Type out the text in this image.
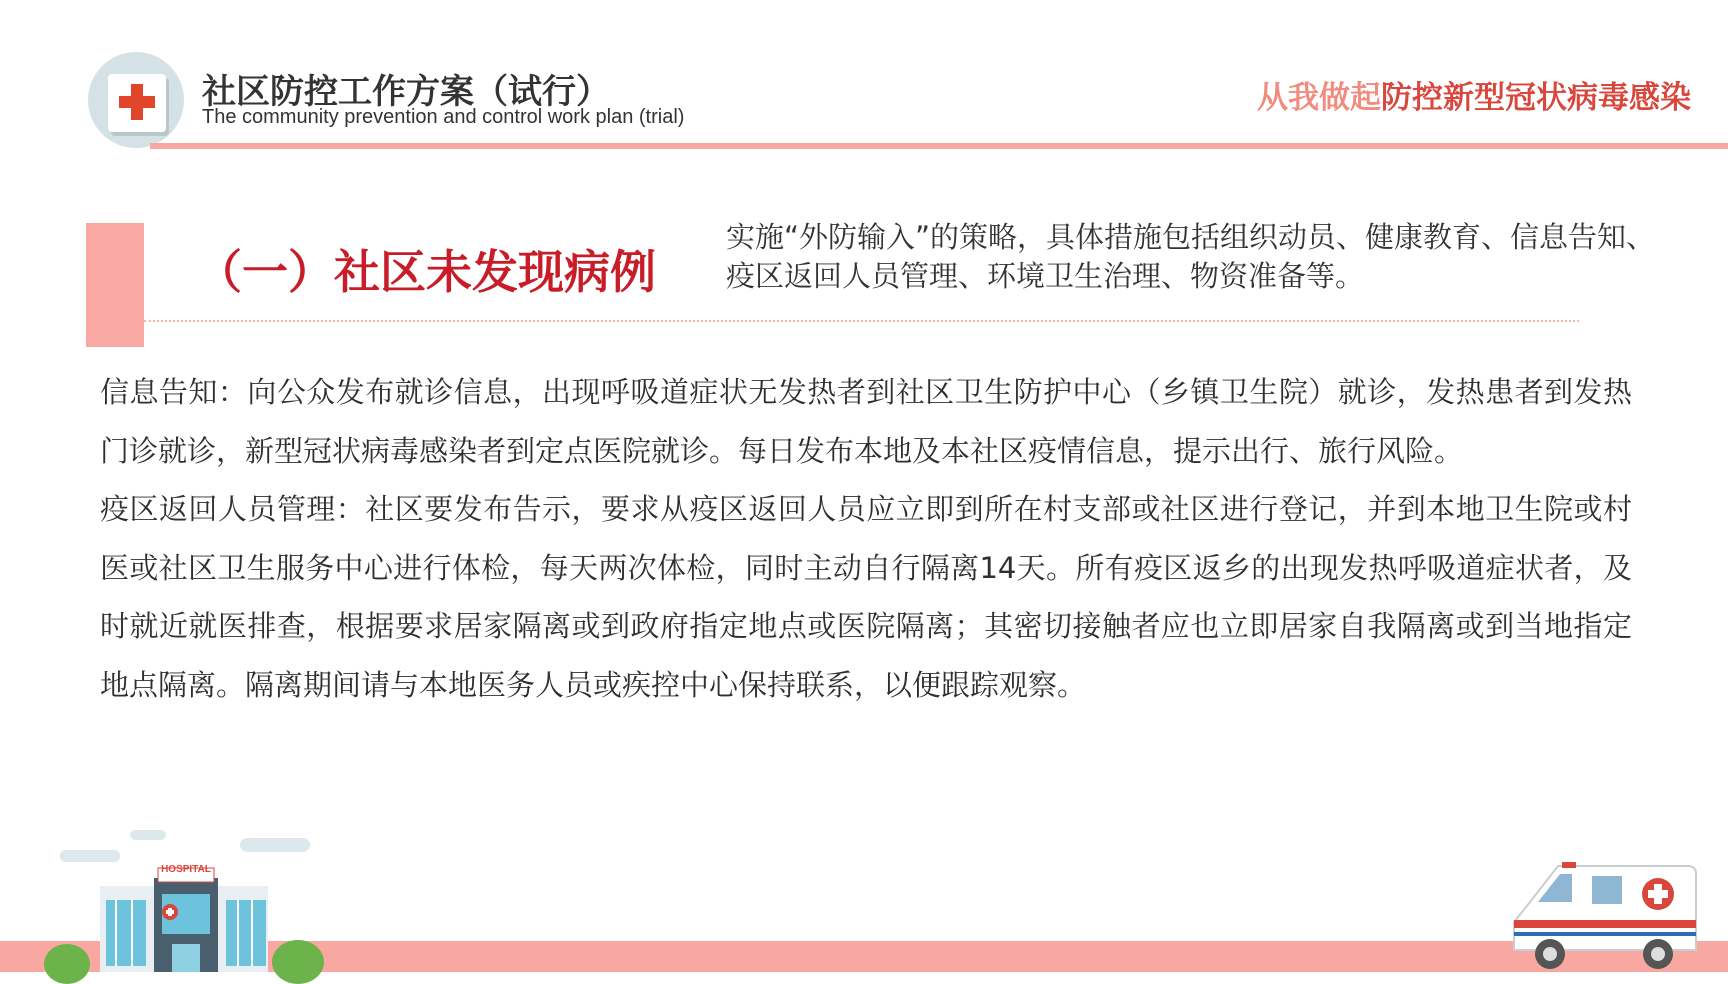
社区防控工作方案（试行）
The community prevention and control work plan (trial)
从我做起防控新型冠状病毒感染
（一）社区未发现病例
实施“外防输入”的策略，具体措施包括组织动员、健康教育、信息告知、疫区返回人员管理、环境卫生治理、物资准备等。

信息告知：向公众发布就诊信息，出现呼吸道症状无发热者到社区卫生防护中心（乡镇卫生院）就诊，发热患者到发热门诊就诊，新型冠状病毒感染者到定点医院就诊。每日发布本地及本社区疫情信息，提示出行、旅行风险。

疫区返回人员管理：社区要发布告示，要求从疫区返回人员应立即到所在村支部或社区进行登记，并到本地卫生院或村医或社区卫生服务中心进行体检，每天两次体检，同时主动自行隔离14天。所有疫区返乡的出现发热呼吸道症状者，及时就近就医排查，根据要求居家隔离或到政府指定地点或医院隔离；其密切接触者应也立即居家自我隔离或到当地指定地点隔离。隔离期间请与本地医务人员或疾控中心保持联系，以便跟踪观察。

HOSPITAL
